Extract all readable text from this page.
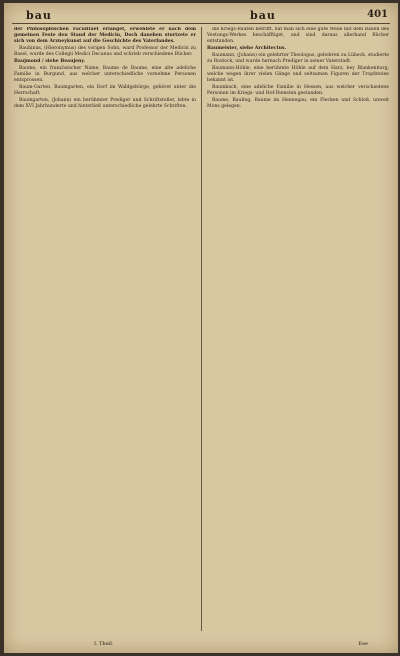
bau	bau	401

der Philosophischen Faculitaet erlanget, erwehlete er nach dem gemeinen Feste den Stand der Medicin, Doch daneben sturtzete er sich von dem Arzneykunst auf die Geschichte des Vaterlandes.

Bauhinus, (Hieronymus) des vorigen Sohn, ward Professor der Medicin zu Basel, wurde des Collegii Medici Decanus und schrieb verschiedene Bücher.

Baujmond / siehe Beaujeny.

Baume, ein französischer Name, Baume de Baume, eine alte adeliche Familie in Burgund, aus welcher unterschiedliche vornehme Personen entsprossen.

Baum-Garten, Baumgarten, ein Dorf im Waldgebürge, gehöret unter die Herrschaft.

Baumgarten, (Johann) ein berühmter Prediger und Schriftsteller, lebte in dem XVI Jahrhunderte und hinterließ unterschiedliche gelehrte Schriften.

die Kriegs-Bauten betrifft, hat man sich eine gute Weile mit dem Bauen des Vestungs-Werkes beschäfftiget, und sind daraus allerhand Bücher entstanden.

Baumeister, siehe Architectus.

Baumann, (Johann) ein gelehrter Theologus, gebohren zu Lübeck, studierte zu Rostock, und wurde hernach Prediger in seiner Vaterstadt.

Baumann-Höhle, eine berühmte Höhle auf dem Harz, bey Blankenburg, welche wegen ihrer vielen Gänge und seltsamen Figuren der Tropfsteine bekannt ist.

Baumbach, eine adeliche Familie in Hessen, aus welcher verschiedene Personen im Kriegs- und Hof-Diensten gestanden.

Baume, Bauling, Baume im Hennegau, ein Flecken und Schloß, unweit Mons gelegen.

I. Theil.	Eee
